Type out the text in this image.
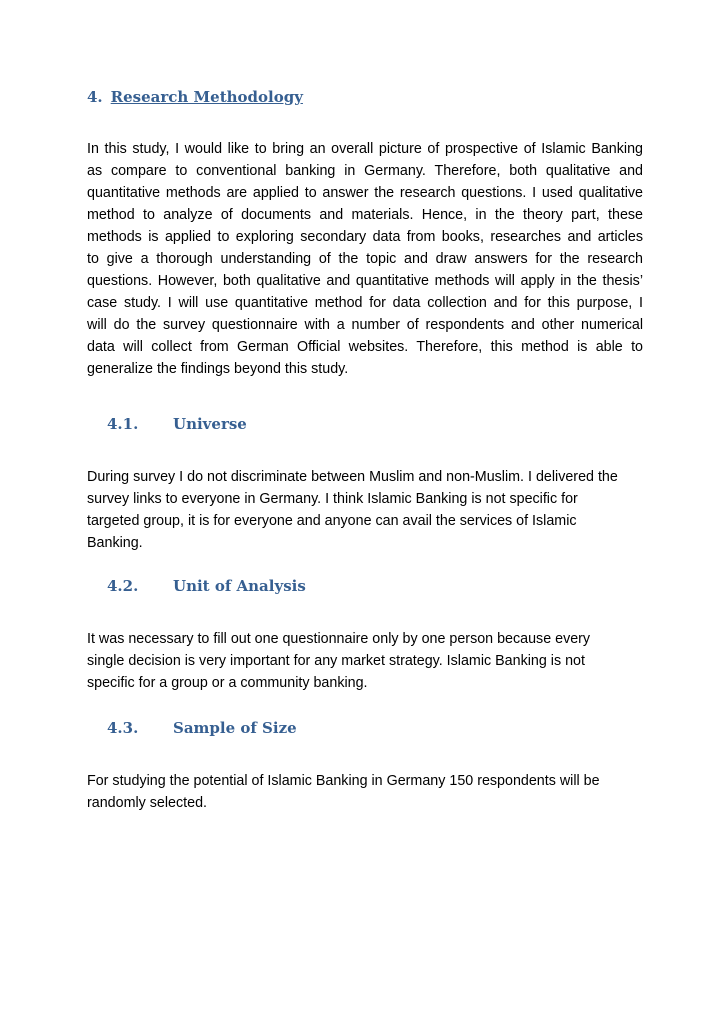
4. Research Methodology
In this study, I would like to bring an overall picture of prospective of Islamic Banking
as compare to conventional banking in Germany. Therefore, both qualitative and
quantitative methods are applied to answer the research questions. I used qualitative
method to analyze of documents and materials. Hence, in the theory part, these
methods is applied to exploring secondary data from books, researches and articles
to give a thorough understanding of the topic and draw answers for the research
questions. However, both qualitative and quantitative methods will apply in the thesis’
case study. I will use quantitative method for data collection and for this purpose, I
will do the survey questionnaire with a number of respondents and other numerical
data will collect from German Official websites. Therefore, this method is able to
generalize the findings beyond this study.
4.1. Universe
During survey I do not discriminate between Muslim and non-Muslim. I delivered the
survey links to everyone in Germany. I think Islamic Banking is not specific for
targeted group, it is for everyone and anyone can avail the services of Islamic
Banking.
4.2. Unit of Analysis
It was necessary to fill out one questionnaire only by one person because every
single decision is very important for any market strategy. Islamic Banking is not
specific for a group or a community banking.
4.3. Sample of Size
For studying the potential of Islamic Banking in Germany 150 respondents will be
randomly selected.
